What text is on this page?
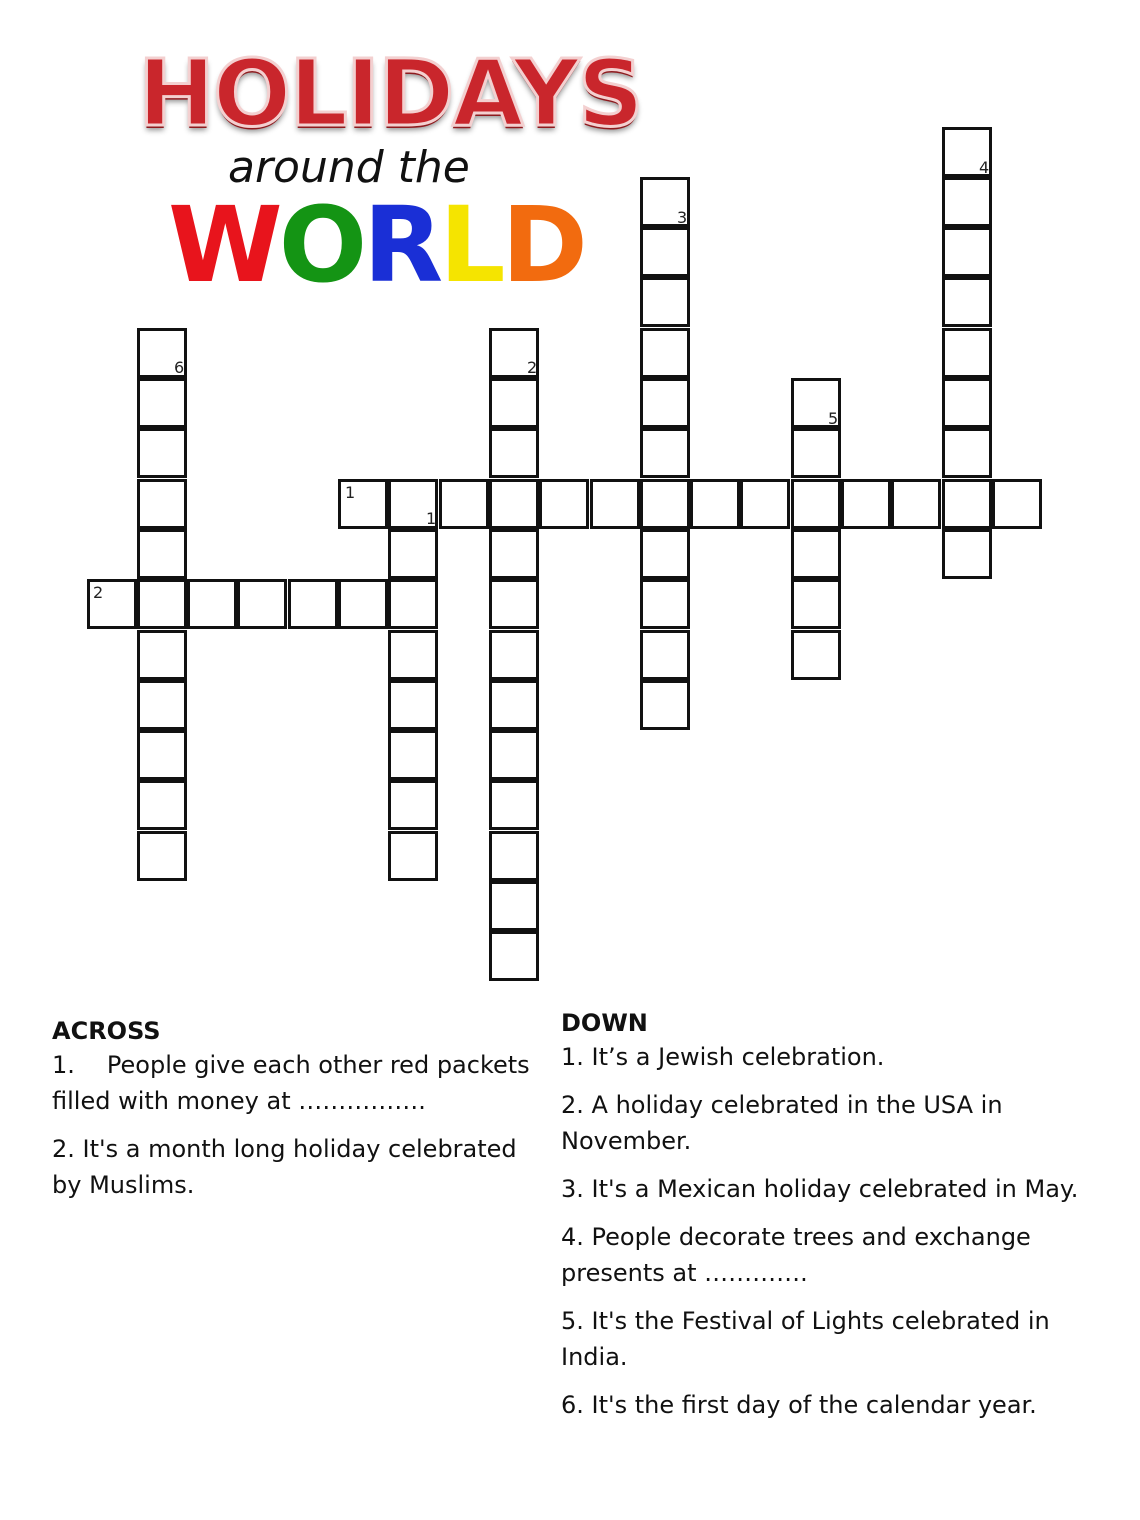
HOLIDAYS
around the
WORLD
6	2
3
4
5
1
1
2
ACROSS
1. People give each other red packets filled with money at …………….
2. It's a month long holiday celebrated by Muslims.
DOWN
1. It’s a Jewish celebration.
2. A holiday celebrated in the USA in November.
3. It's a Mexican holiday celebrated in May.
4. People decorate trees and exchange presents at ………….
5. It's the Festival of Lights celebrated in India.
6. It's the first day of the calendar year.
